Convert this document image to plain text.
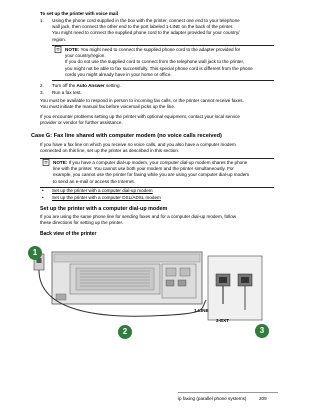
To set up the printer with voice mail
1. Using the phone cord supplied in the box with the printer, connect one end to your telephone
wall jack, then connect the other end to the port labeled 1-LINE on the back of the printer.
You might need to connect the supplied phone cord to the adapter provided for your country/
region.
NOTE: You might need to connect the supplied phone cord to the adapter provided for
your country/region.
If you do not use the supplied cord to connect from the telephone wall jack to the printer,
you might not be able to fax successfully. This special phone cord is different from the phone
cords you might already have in your home or office.
2. Turn off the Auto Answer setting.
3. Run a fax test.
You must be available to respond in person to incoming fax calls, or the printer cannot receive faxes.
You must initiate the manual fax before voicemail picks up the line.
If you encounter problems setting up the printer with optional equipment, contact your local service
provider or vendor for further assistance.
Case G: Fax line shared with computer modem (no voice calls received)
If you have a fax line on which you receive no voice calls, and you also have a computer modem
connected on this line, set up the printer as described in this section.
NOTE: If you have a computer dial-up modem, your computer dial-up modem shares the phone
line with the printer. You cannot use both your modem and the printer simultaneously. For
example, you cannot use the printer for faxing while you are using your computer dial-up modem
to send an e-mail or access the Internet.
• Set up the printer with a computer dial-up modem
• Set up the printer with a computer DSL/ADSL modem
Set up the printer with a computer dial-up modem
If you are using the same phone line for sending faxes and for a computer dial-up modem, follow
these directions for setting up the printer.
Back view of the printer
1-LINE
2-EXT
1
2	3
ip faxing (parallel phone systems)	209
